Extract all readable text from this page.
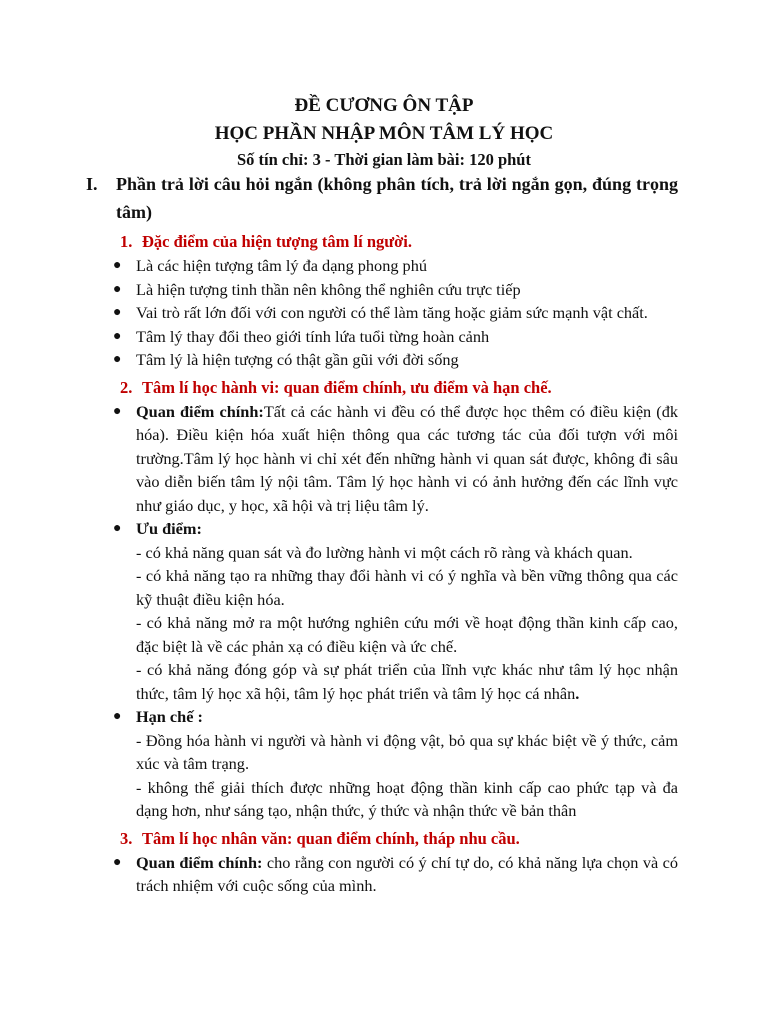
ĐỀ CƯƠNG ÔN TẬP
HỌC PHẦN NHẬP MÔN TÂM LÝ HỌC
Số tín chỉ: 3 - Thời gian làm bài: 120 phút
I. Phần trả lời câu hỏi ngắn (không phân tích, trả lời ngắn gọn, đúng trọng tâm)
1. Đặc điểm của hiện tượng tâm lí người.
● Là các hiện tượng tâm lý đa dạng phong phú
● Là hiện tượng tinh thần nên không thể nghiên cứu trực tiếp
● Vai trò rất lớn đối với con người có thể làm tăng hoặc giảm sức mạnh vật chất.
● Tâm lý thay đổi theo giới tính lứa tuổi từng hoàn cảnh
● Tâm lý là hiện tượng có thật gần gũi với đời sống
2. Tâm lí học hành vi: quan điểm chính, ưu điểm và hạn chế.
● Quan điểm chính:Tất cả các hành vi đều có thể được học thêm có điều kiện (đk hóa). Điều kiện hóa xuất hiện thông qua các tương tác của đối tượn với môi trường.Tâm lý học hành vi chỉ xét đến những hành vi quan sát được, không đi sâu vào diễn biến tâm lý nội tâm. Tâm lý học hành vi có ảnh hưởng đến các lĩnh vực như giáo dục, y học, xã hội và trị liệu tâm lý.
● Ưu điểm:
- có khả năng quan sát và đo lường hành vi một cách rõ ràng và khách quan.
- có khả năng tạo ra những thay đổi hành vi có ý nghĩa và bền vững thông qua các kỹ thuật điều kiện hóa.
- có khả năng mở ra một hướng nghiên cứu mới về hoạt động thần kinh cấp cao, đặc biệt là về các phản xạ có điều kiện và ức chế.
- có khả năng đóng góp và sự phát triển của lĩnh vực khác như tâm lý học nhận thức, tâm lý học xã hội, tâm lý học phát triển và tâm lý học cá nhân.
● Hạn chế :
- Đồng hóa hành vi người và hành vi động vật, bỏ qua sự khác biệt về ý thức, cảm xúc và tâm trạng.
- không thể giải thích được những hoạt động thần kinh cấp cao phức tạp và đa dạng hơn, như sáng tạo, nhận thức, ý thức và nhận thức về bản thân
3. Tâm lí học nhân văn: quan điểm chính, tháp nhu cầu.
● Quan điểm chính: cho rằng con người có ý chí tự do, có khả năng lựa chọn và có trách nhiệm với cuộc sống của mình.
